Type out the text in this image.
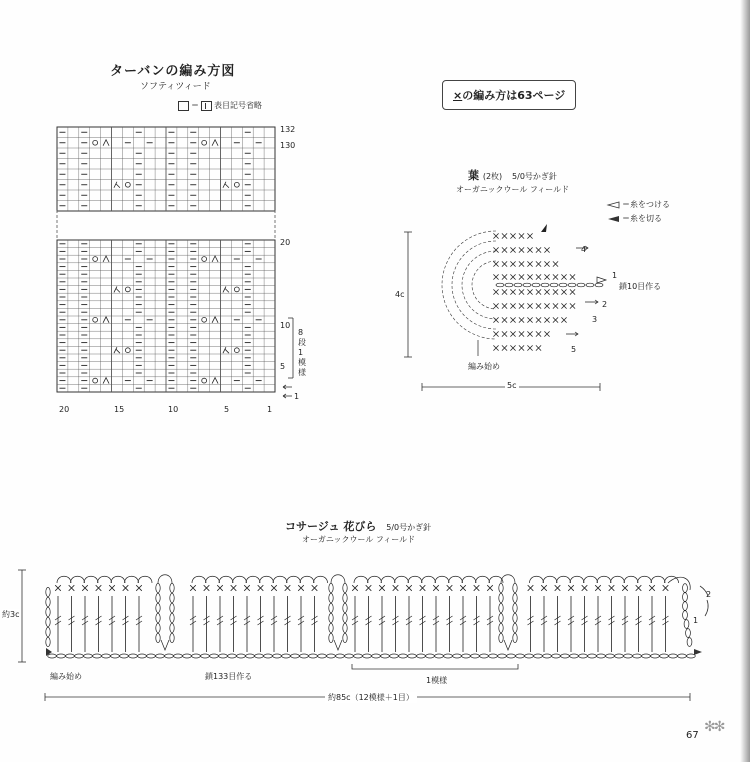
ターバンの編み方図
ソフティツィード
＝ 表目記号省略
132
130
20
10
5
1
8段1模様
20	15	10	5	1
×の編み方は63ページ
葉 (2枚) 5/0号かぎ針
オーガニックウール フィールド
＝糸をつける
＝糸を切る
4c
5c
鎖10目作る
編み始め
1
2
3
4
5
コサージュ 花びら 5/0号かぎ針
オーガニックウール フィールド
約3c
編み始め	鎖133目作る	1模様
約85c（12模様＋1目）
1
2
67
✻✻
